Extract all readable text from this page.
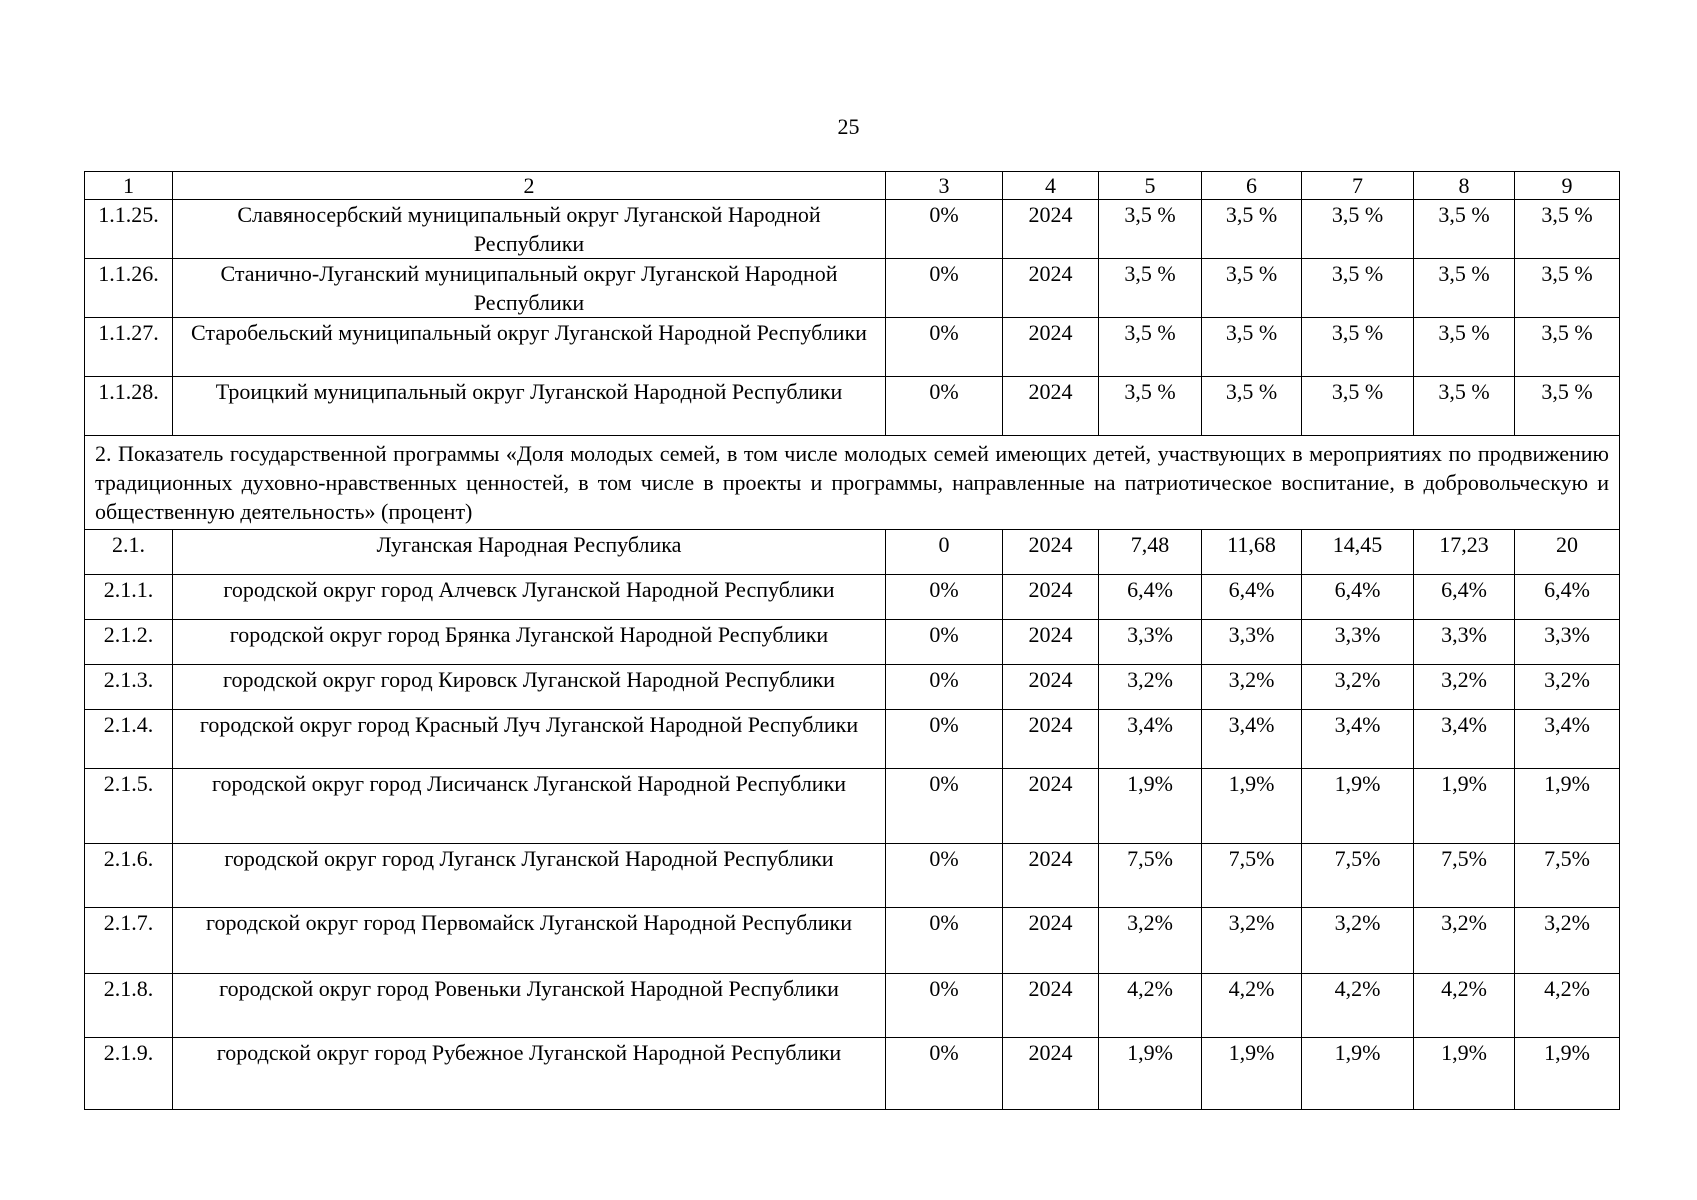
25
1	2	3	4	5	6	7	8	9
1.1.25.	Славяносербский муниципальный округ Луганской Народной Республики	0%	2024	3,5 %	3,5 %	3,5 %	3,5 %	3,5 %
1.1.26.	Станично-Луганский муниципальный округ Луганской Народной Республики	0%	2024	3,5 %	3,5 %	3,5 %	3,5 %	3,5 %
1.1.27.	Старобельский муниципальный округ Луганской Народной Республики	0%	2024	3,5 %	3,5 %	3,5 %	3,5 %	3,5 %
1.1.28.	Троицкий муниципальный округ Луганской Народной Республики	0%	2024	3,5 %	3,5 %	3,5 %	3,5 %	3,5 %
2. Показатель государственной программы «Доля молодых семей, в том числе молодых семей имеющих детей, участвующих в мероприятиях по продвижению традиционных духовно-нравственных ценностей, в том числе в проекты и программы, направленные на патриотическое воспитание, в добровольческую и общественную деятельность» (процент)								
2.1.	Луганская Народная Республика	0	2024	7,48	11,68	14,45	17,23	20
2.1.1.	городской округ город Алчевск Луганской Народной Республики	0%	2024	6,4%	6,4%	6,4%	6,4%	6,4%
2.1.2.	городской округ город Брянка Луганской Народной Республики	0%	2024	3,3%	3,3%	3,3%	3,3%	3,3%
2.1.3.	городской округ город Кировск Луганской Народной Республики	0%	2024	3,2%	3,2%	3,2%	3,2%	3,2%
2.1.4.	городской округ город Красный Луч Луганской Народной Республики	0%	2024	3,4%	3,4%	3,4%	3,4%	3,4%
2.1.5.	городской округ город Лисичанск Луганской Народной Республики	0%	2024	1,9%	1,9%	1,9%	1,9%	1,9%
2.1.6.	городской округ город Луганск Луганской Народной Республики	0%	2024	7,5%	7,5%	7,5%	7,5%	7,5%
2.1.7.	городской округ город Первомайск Луганской Народной Республики	0%	2024	3,2%	3,2%	3,2%	3,2%	3,2%
2.1.8.	городской округ город Ровеньки Луганской Народной Республики	0%	2024	4,2%	4,2%	4,2%	4,2%	4,2%
2.1.9.	городской округ город Рубежное Луганской Народной Республики	0%	2024	1,9%	1,9%	1,9%	1,9%	1,9%
